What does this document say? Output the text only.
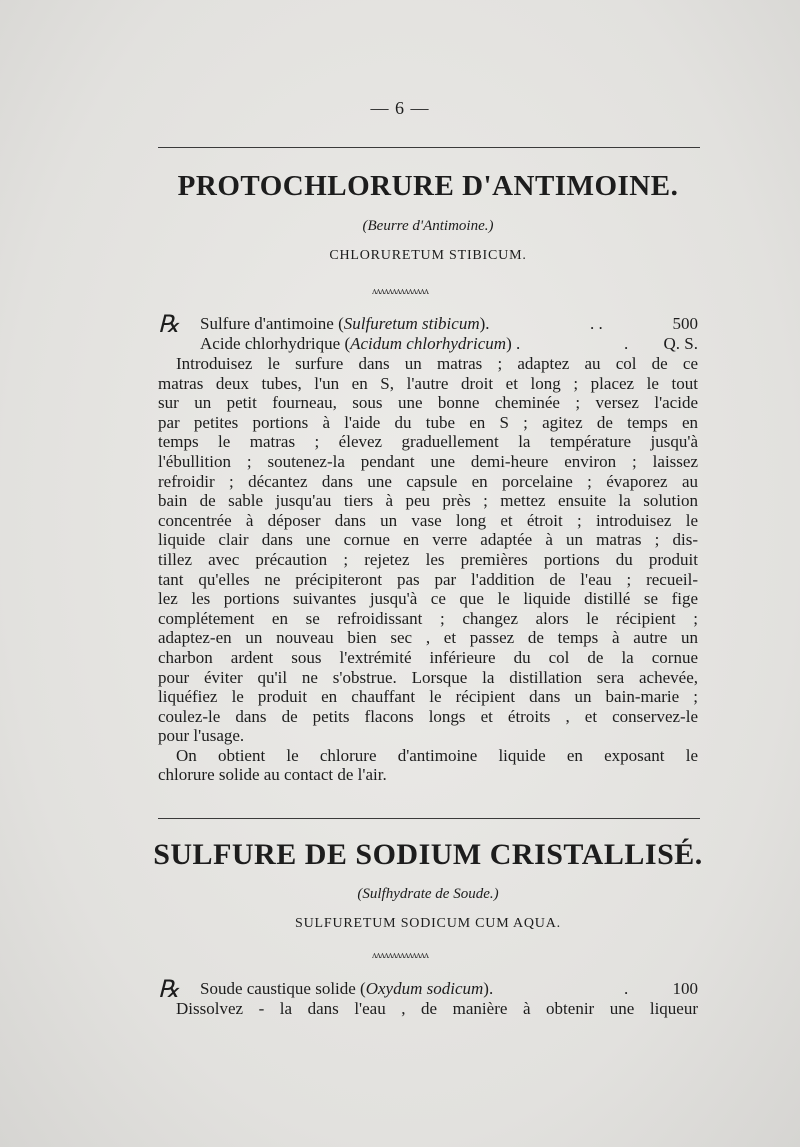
— 6 —
PROTOCHLORURE D'ANTIMOINE.
(Beurre d'Antimoine.)
CHLORURETUM STIBICUM.
ᴧᴧᴧᴧᴧᴧᴧᴧᴧᴧᴧᴧᴧᴧ
℞ Sulfure d'antimoine (Sulfuretum stibicum).	. .	500
Acide chlorhydrique (Acidum chlorhydricum) .	. Q. S.
Introduisez le surfure dans un matras ; adaptez au col de ce
matras deux tubes, l'un en S, l'autre droit et long ; placez le tout
sur un petit fourneau, sous une bonne cheminée ; versez l'acide
par petites portions à l'aide du tube en S ; agitez de temps en
temps le matras ; élevez graduellement la température jusqu'à
l'ébullition ; soutenez-la pendant une demi-heure environ ; laissez
refroidir ; décantez dans une capsule en porcelaine ; évaporez au
bain de sable jusqu'au tiers à peu près ; mettez ensuite la solution
concentrée à déposer dans un vase long et étroit ; introduisez le
liquide clair dans une cornue en verre adaptée à un matras ; dis-
tillez avec précaution ; rejetez les premières portions du produit
tant qu'elles ne précipiteront pas par l'addition de l'eau ; recueil-
lez les portions suivantes jusqu'à ce que le liquide distillé se fige
complétement en se refroidissant ; changez alors le récipient ;
adaptez-en un nouveau bien sec , et passez de temps à autre un
charbon ardent sous l'extrémité inférieure du col de la cornue
pour éviter qu'il ne s'obstrue. Lorsque la distillation sera achevée,
liquéfiez le produit en chauffant le récipient dans un bain-marie ;
coulez-le dans de petits flacons longs et étroits , et conservez-le
pour l'usage.
On obtient le chlorure d'antimoine liquide en exposant le
chlorure solide au contact de l'air.
SULFURE DE SODIUM CRISTALLISÉ.
(Sulfhydrate de Soude.)
SULFURETUM SODICUM CUM AQUA.
ᴧᴧᴧᴧᴧᴧᴧᴧᴧᴧᴧᴧᴧᴧ
℞ Soude caustique solide (Oxydum sodicum).	.	100
Dissolvez - la dans l'eau , de manière à obtenir une liqueur
